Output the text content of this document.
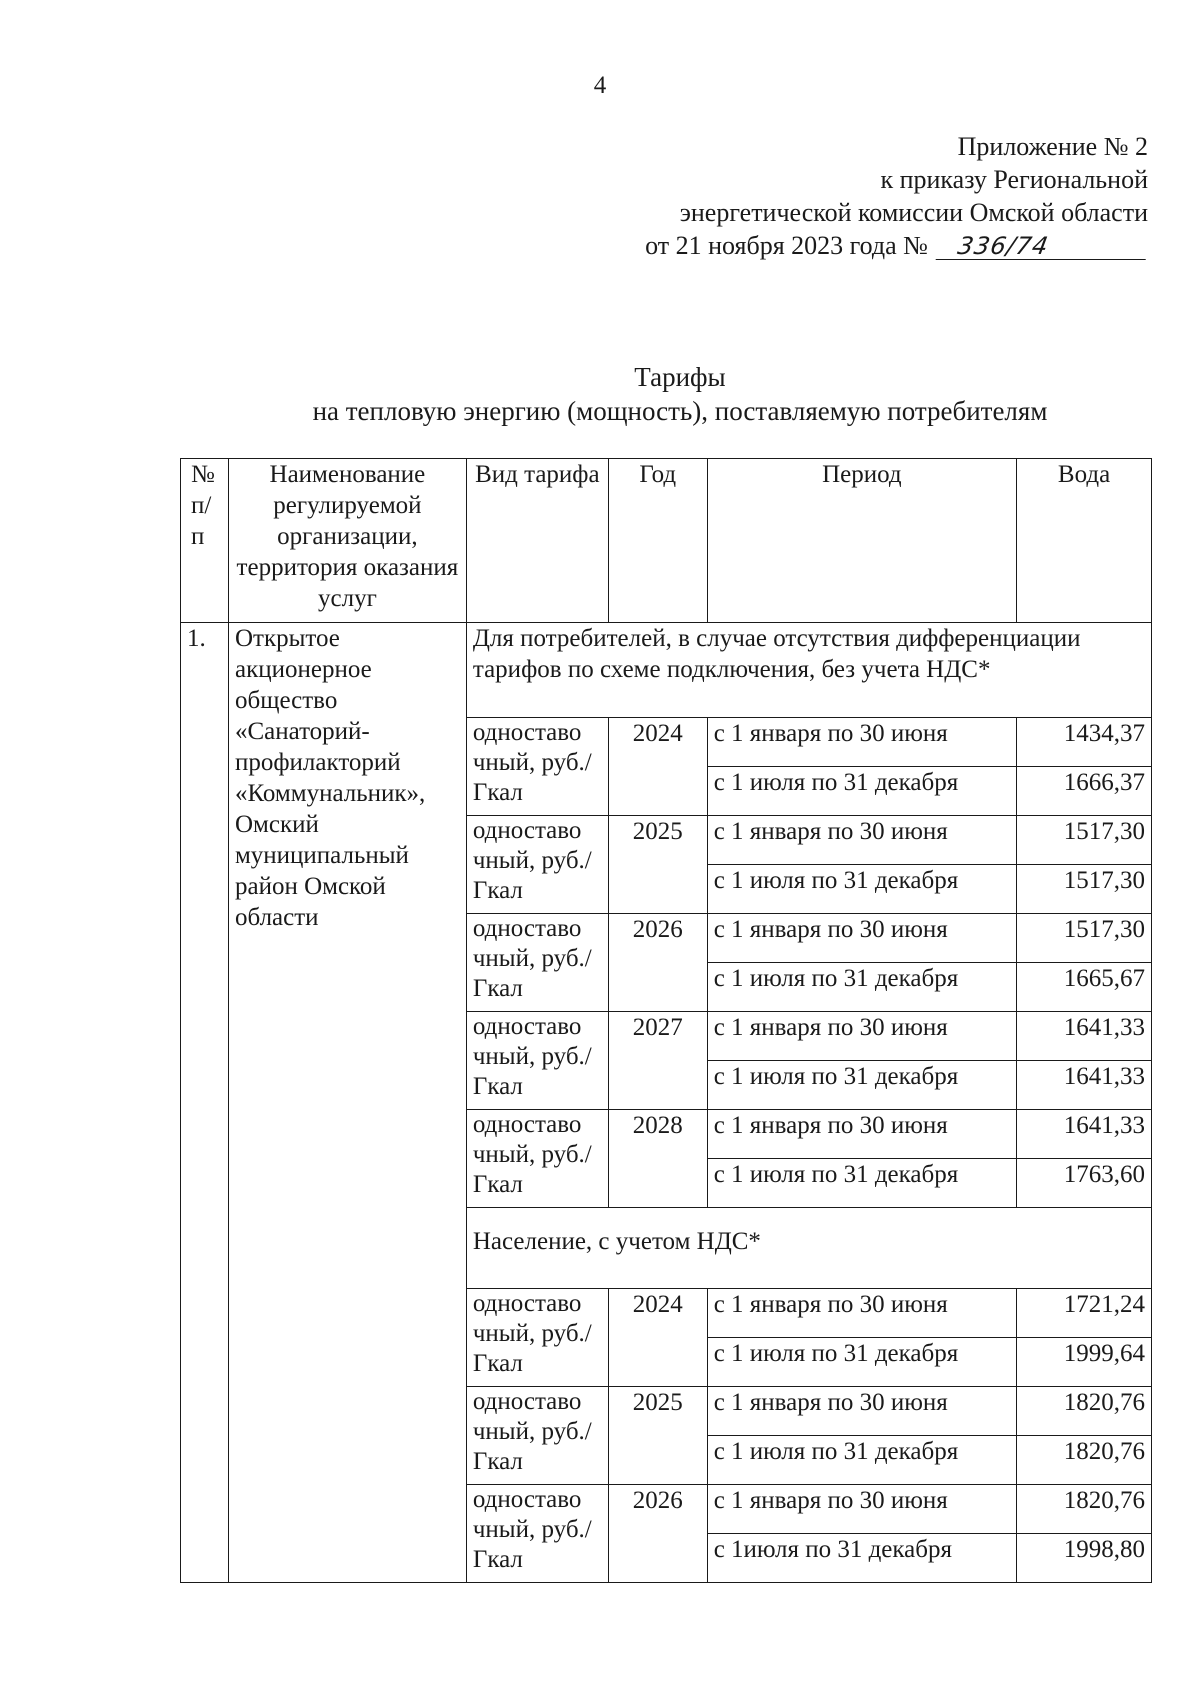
4
Приложение № 2
к приказу Региональной
энергетической комиссии Омской области
от 21 ноября 2023 года №	336/74
Тарифы
на тепловую энергию (мощность), поставляемую потребителям
№ п/п	Наименование регулируемой организации, территория оказания услуг	Вид тарифа	Год	Период	Вода
1.	Открытое акционерное общество «Санаторий-профилакторий «Коммунальник», Омский муниципальный район Омской области	Для потребителей, в случае отсутствия дифференциации тарифов по схеме подключения, без учета НДС*			
		одноставо чный, руб./Гкал	2024	с 1 января по 30 июня	1434,37
				с 1 июля по 31 декабря	1666,37
		одноставо чный, руб./Гкал	2025	с 1 января по 30 июня	1517,30
				с 1 июля по 31 декабря	1517,30
		одноставо чный, руб./Гкал	2026	с 1 января по 30 июня	1517,30
				с 1 июля по 31 декабря	1665,67
		одноставо чный, руб./Гкал	2027	с 1 января по 30 июня	1641,33
				с 1 июля по 31 декабря	1641,33
		одноставо чный, руб./Гкал	2028	с 1 января по 30 июня	1641,33
				с 1 июля по 31 декабря	1763,60
		Население, с учетом НДС*			
		одноставо чный, руб./Гкал	2024	с 1 января по 30 июня	1721,24
				с 1 июля по 31 декабря	1999,64
		одноставо чный, руб./Гкал	2025	с 1 января по 30 июня	1820,76
				с 1 июля по 31 декабря	1820,76
		одноставо чный, руб./Гкал	2026	с 1 января по 30 июня	1820,76
				с 1июля по 31 декабря	1998,80
